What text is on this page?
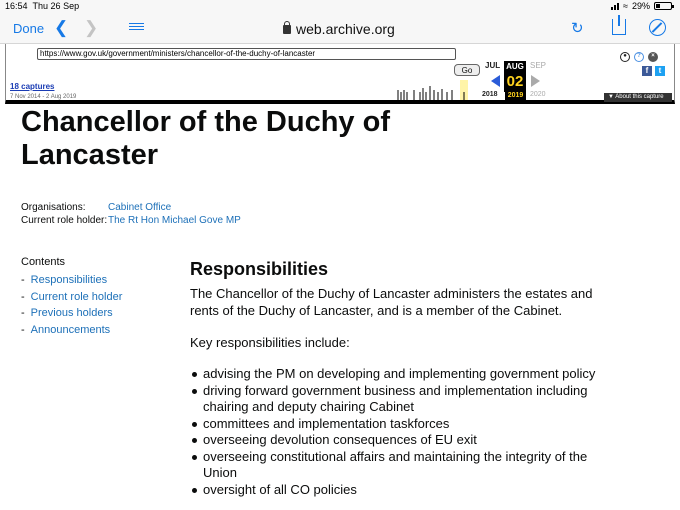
16:54 Thu 26 Sep	≈ 29%
Done ❮ ❯	web.archive.org	↻
https://www.gov.uk/government/ministers/chancellor-of-the-duchy-of-lancaster
Go
18 captures
7 Nov 2014 - 2 Aug 2019
JUL AUG SEP
02
2018	2019 2020
●	?	×
f	t
▼ About this capture
Chancellor of the Duchy of Lancaster
Organisations:	Cabinet Office
Current role holder: The Rt Hon Michael Gove MP
Contents
- Responsibilities
- Current role holder
- Previous holders
- Announcements
Responsibilities

The Chancellor of the Duchy of Lancaster administers the estates and rents of the Duchy of Lancaster, and is a member of the Cabinet.

Key responsibilities include:

advising the PM on developing and implementing government policy
driving forward government business and implementation including chairing and deputy chairing Cabinet
committees and implementation taskforces
overseeing devolution consequences of EU exit
overseeing constitutional affairs and maintaining the integrity of the Union
oversight of all CO policies
